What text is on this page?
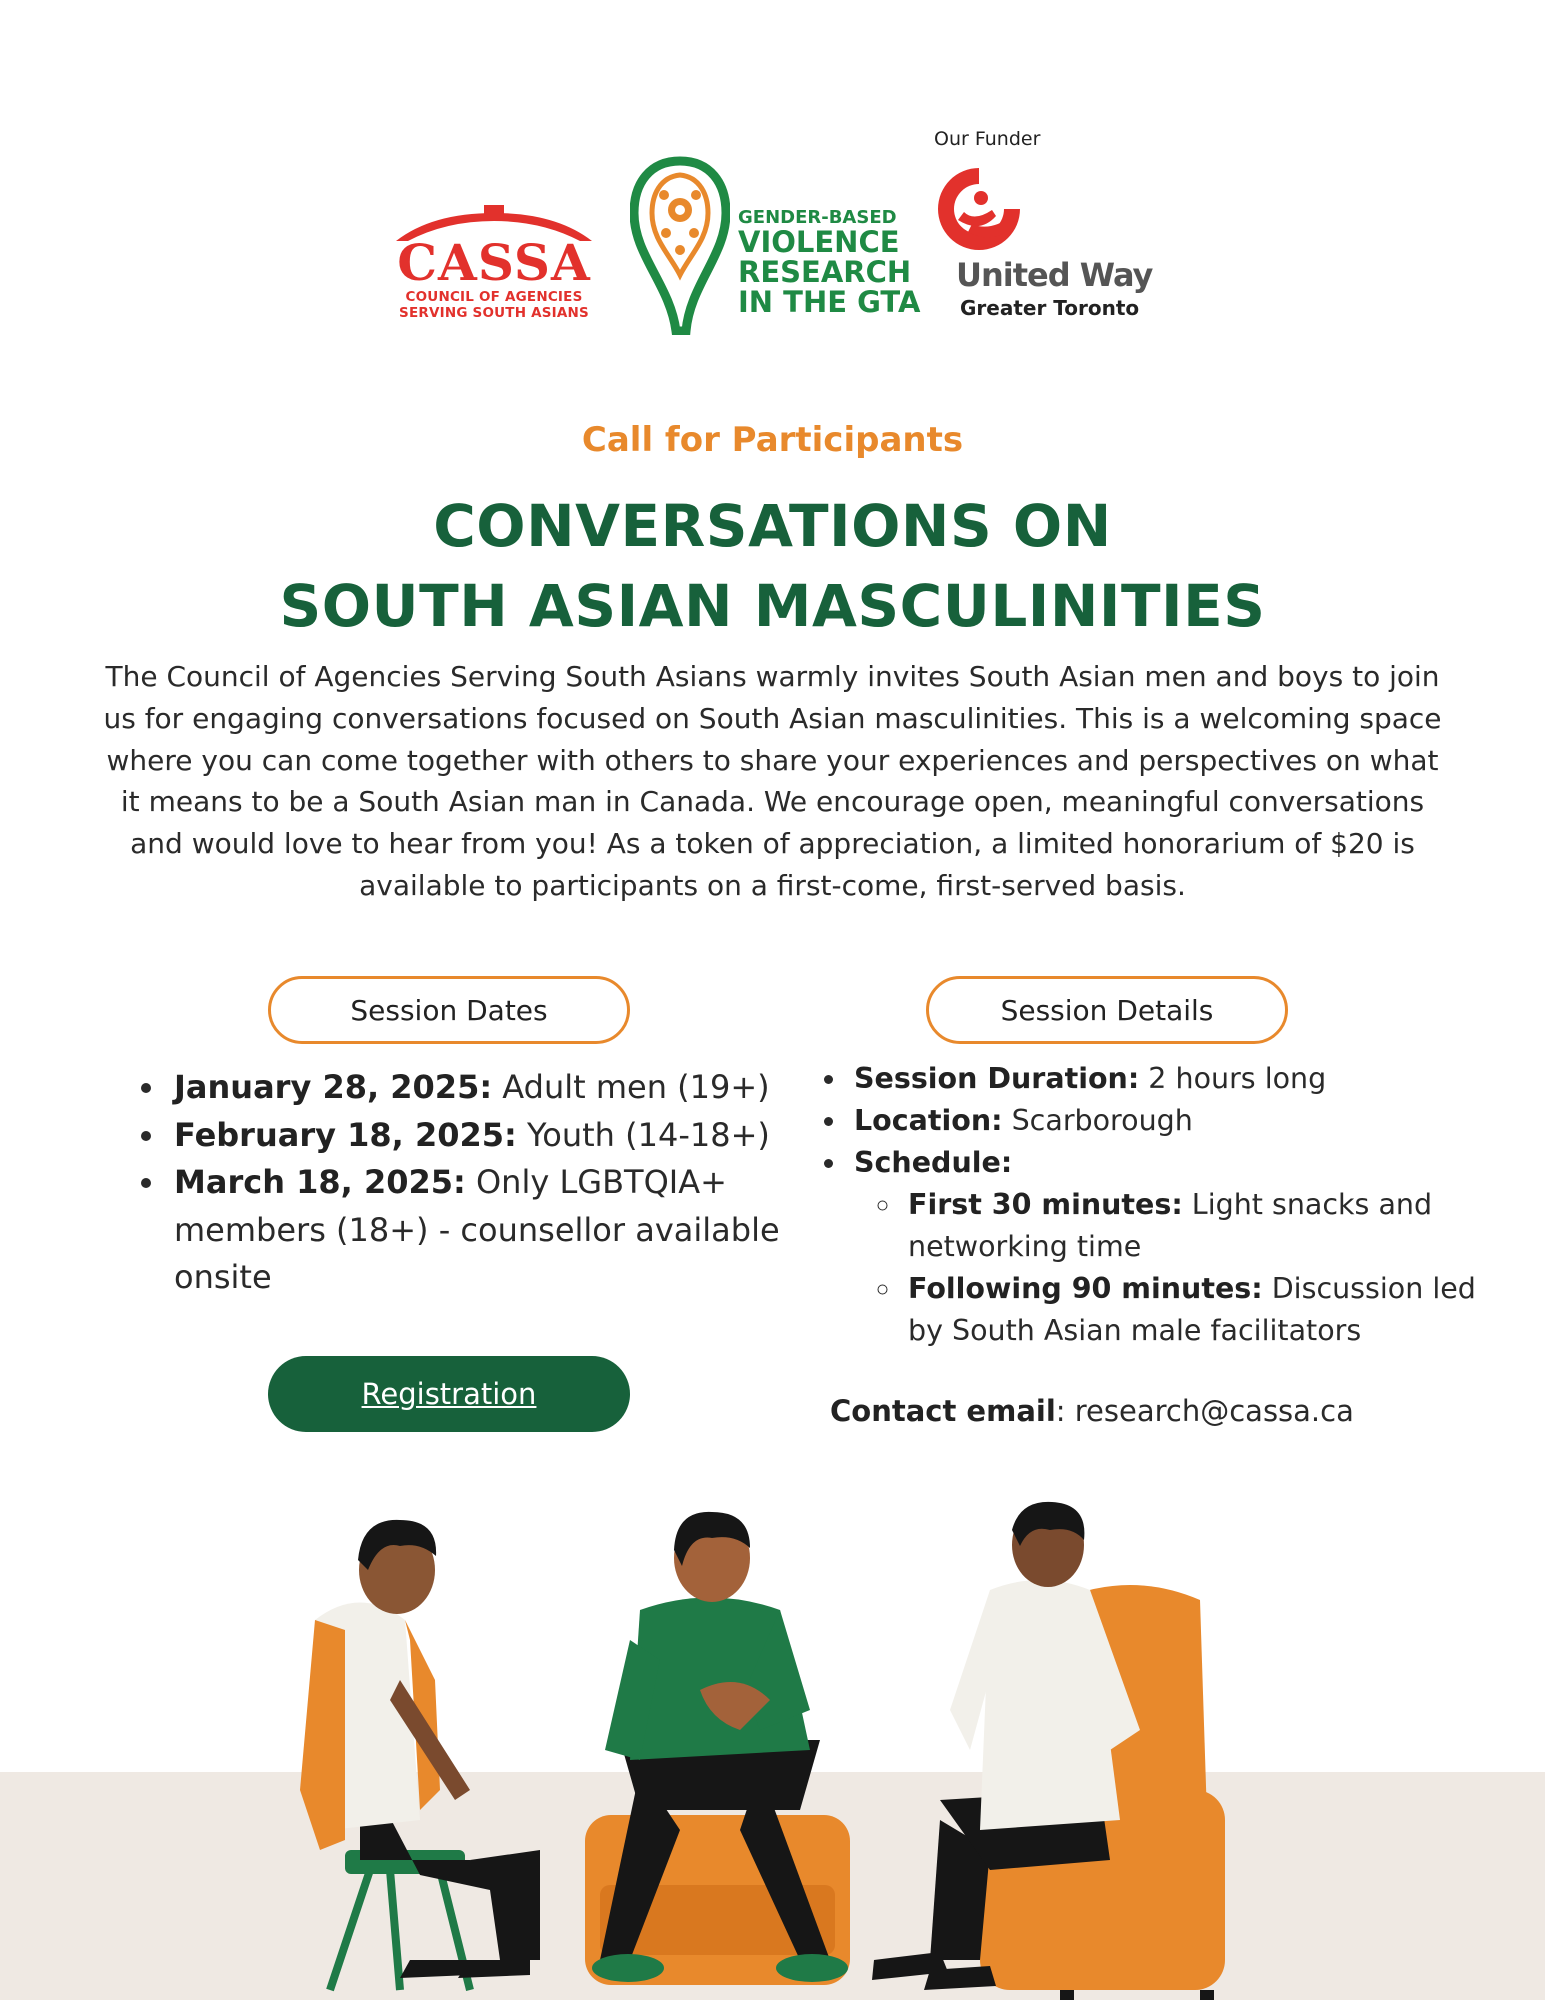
CASSA
COUNCIL OF AGENCIES
SERVING SOUTH ASIANS
GENDER-BASED
VIOLENCE
RESEARCH
IN THE GTA
Our Funder
United Way
Greater Toronto
Call for Participants
CONVERSATIONS ON
SOUTH ASIAN MASCULINITIES
The Council of Agencies Serving South Asians warmly invites South Asian men and boys to join us for engaging conversations focused on South Asian masculinities. This is a welcoming space where you can come together with others to share your experiences and perspectives on what it means to be a South Asian man in Canada. We encourage open, meaningful conversations and would love to hear from you! As a token of appreciation, a limited honorarium of $20 is available to participants on a first-come, first-served basis.
Session Dates	Session Details
• January 28, 2025: Adult men (19+)
• February 18, 2025: Youth (14-18+)
• March 18, 2025: Only LGBTQIA+ members (18+) - counsellor available onsite
• Session Duration: 2 hours long
• Location: Scarborough
• Schedule:
◦ First 30 minutes: Light snacks and networking time
◦ Following 90 minutes: Discussion led by South Asian male facilitators
Registration	Contact email: research@cassa.ca
